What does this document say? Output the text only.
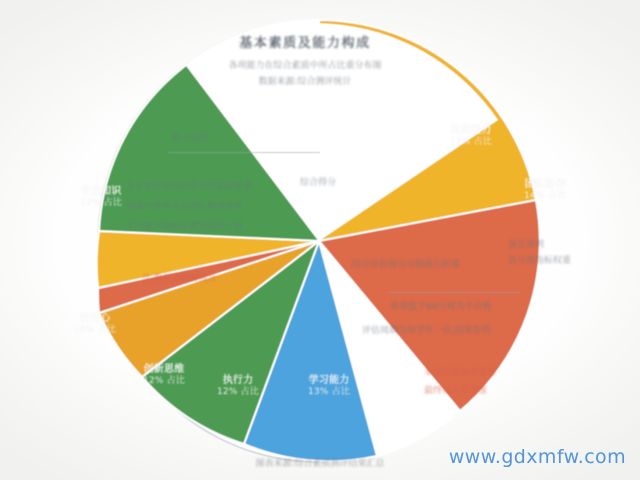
专业知识
22% 占比
沟通能力
17% 占比
团队协作
14% 占比
学习能力
13% 占比
执行力
12% 占比
创新思维
12% 占比
责任心
10% 占比
基本素质及能力构成
各项能力在综合素质中所占比重分布图
数据来源:综合测评统计
能力说明
专业知识是岗位胜任的基础要素
沟通与协作决定团队整体效率
学习能力影响长期发展的上限
注:数据为抽样统计
综合得分
备注说明
各分项指标权重
综合评价按百分制进行折算
单项低于60分视为不合格
评估周期为每学年一次,结果存档
本图仅供参考使用
最终以公布为准
图表来源:综合素质测评结果汇总	www.gdxmfw.com
